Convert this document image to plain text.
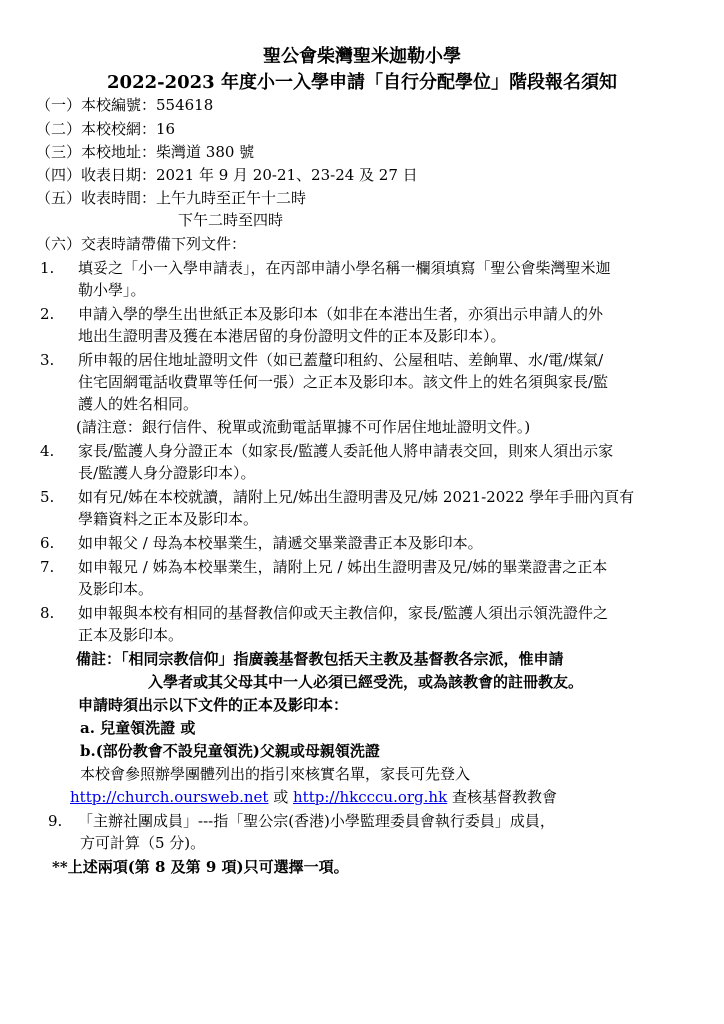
聖公會柴灣聖米迦勒小學
2022-2023 年度小一入學申請「自行分配學位」階段報名須知
（一）本校編號：554618
（二）本校校網：16
（三）本校地址：柴灣道 380 號
（四）收表日期：2021 年 9 月 20-21、23-24 及 27 日
（五）收表時間：上午九時至正午十二時
下午二時至四時
（六）交表時請帶備下列文件：
1. 填妥之「小一入學申請表」，在丙部申請小學名稱一欄須填寫「聖公會柴灣聖米迦
勒小學」。
2. 申請入學的學生出世紙正本及影印本（如非在本港出生者，亦須出示申請人的外
地出生證明書及獲在本港居留的身份證明文件的正本及影印本）。
3. 所申報的居住地址證明文件（如已蓋釐印租約、公屋租咭、差餉單、水/電/煤氣/
住宅固網電話收費單等任何一張）之正本及影印本。該文件上的姓名須與家長/監
護人的姓名相同。
(請注意：銀行信件、稅單或流動電話單據不可作居住地址證明文件。)
4. 家長/監護人身分證正本（如家長/監護人委託他人將申請表交回，則來人須出示家
長/監護人身分證影印本）。
5. 如有兄/姊在本校就讀，請附上兄/姊出生證明書及兄/姊 2021-2022 學年手冊內頁有
學籍資料之正本及影印本。
6. 如申報父 / 母為本校畢業生，請遞交畢業證書正本及影印本。
7. 如申報兄 / 姊為本校畢業生，請附上兄 / 姊出生證明書及兄/姊的畢業證書之正本
及影印本。
8. 如申報與本校有相同的基督教信仰或天主教信仰，家長/監護人須出示領洗證件之
正本及影印本。
備註：「相同宗教信仰」指廣義基督教包括天主教及基督教各宗派，惟申請
入學者或其父母其中一人必須已經受洗，或為該教會的註冊教友。
申請時須出示以下文件的正本及影印本：
a. 兒童領洗證 或
b.(部份教會不設兒童領洗)父親或母親領洗證
本校會參照辦學團體列出的指引來核實名單，家長可先登入
http://church.oursweb.net 或 http://hkcccu.org.hk 查核基督教教會
9. 「主辦社團成員」---指「聖公宗(香港)小學監理委員會執行委員」成員，
方可計算（5 分)。
**上述兩項(第 8 及第 9 項)只可選擇一項。
